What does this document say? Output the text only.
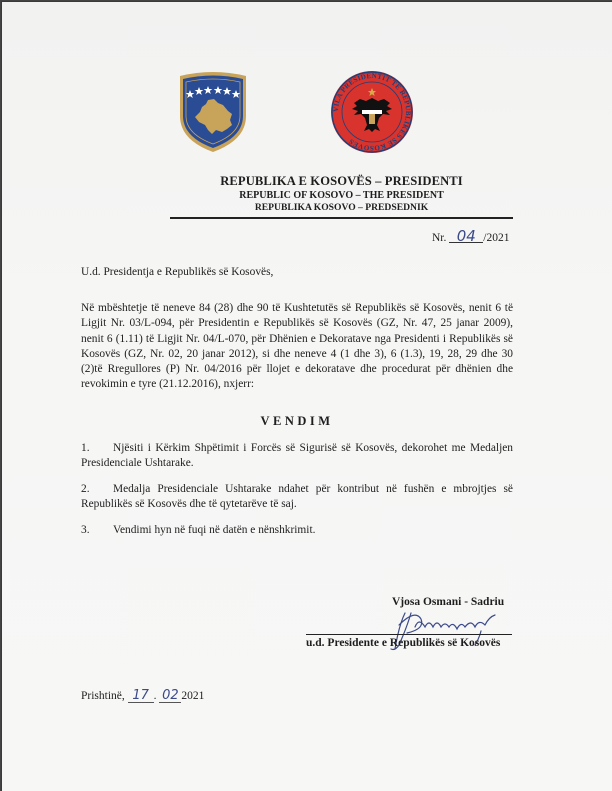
VILA PRESIDENTIT TË REPUBLIKËS SË KOSOVËS
REPUBLIKA E KOSOVËS – PRESIDENTI
REPUBLIC OF KOSOVO – THE PRESIDENT
REPUBLIKA KOSOVO – PREDSEDNIK
Nr. 04 /2021
U.d. Presidentja e Republikës së Kosovës,
Në mbështetje të neneve 84 (28) dhe 90 të Kushtetutës së Republikës së Kosovës, nenit 6 të Ligjit Nr. 03/L-094, për Presidentin e Republikës së Kosovës (GZ, Nr. 47, 25 janar 2009), nenit 6 (1.11) të Ligjit Nr. 04/L-070, për Dhënien e Dekoratave nga Presidenti i Republikës së Kosovës (GZ, Nr. 02, 20 janar 2012), si dhe neneve 4 (1 dhe 3), 6 (1.3), 19, 28, 29 dhe 30 (2)të Rregullores (P) Nr. 04/2016 për llojet e dekoratave dhe procedurat për dhënien dhe revokimin e tyre (21.12.2016), nxjerr:
VENDIM
1. Njësiti i Kërkim Shpëtimit i Forcës së Sigurisë së Kosovës, dekorohet me Medaljen Presidenciale Ushtarake.
2. Medalja Presidenciale Ushtarake ndahet për kontribut në fushën e mbrojtjes së Republikës së Kosovës dhe të qytetarëve të saj.
3. Vendimi hyn në fuqi në datën e nënshkrimit.
Vjosa Osmani - Sadriu
u.d. Presidente e Republikës së Kosovës
Prishtinë, 17 . 02 2021
